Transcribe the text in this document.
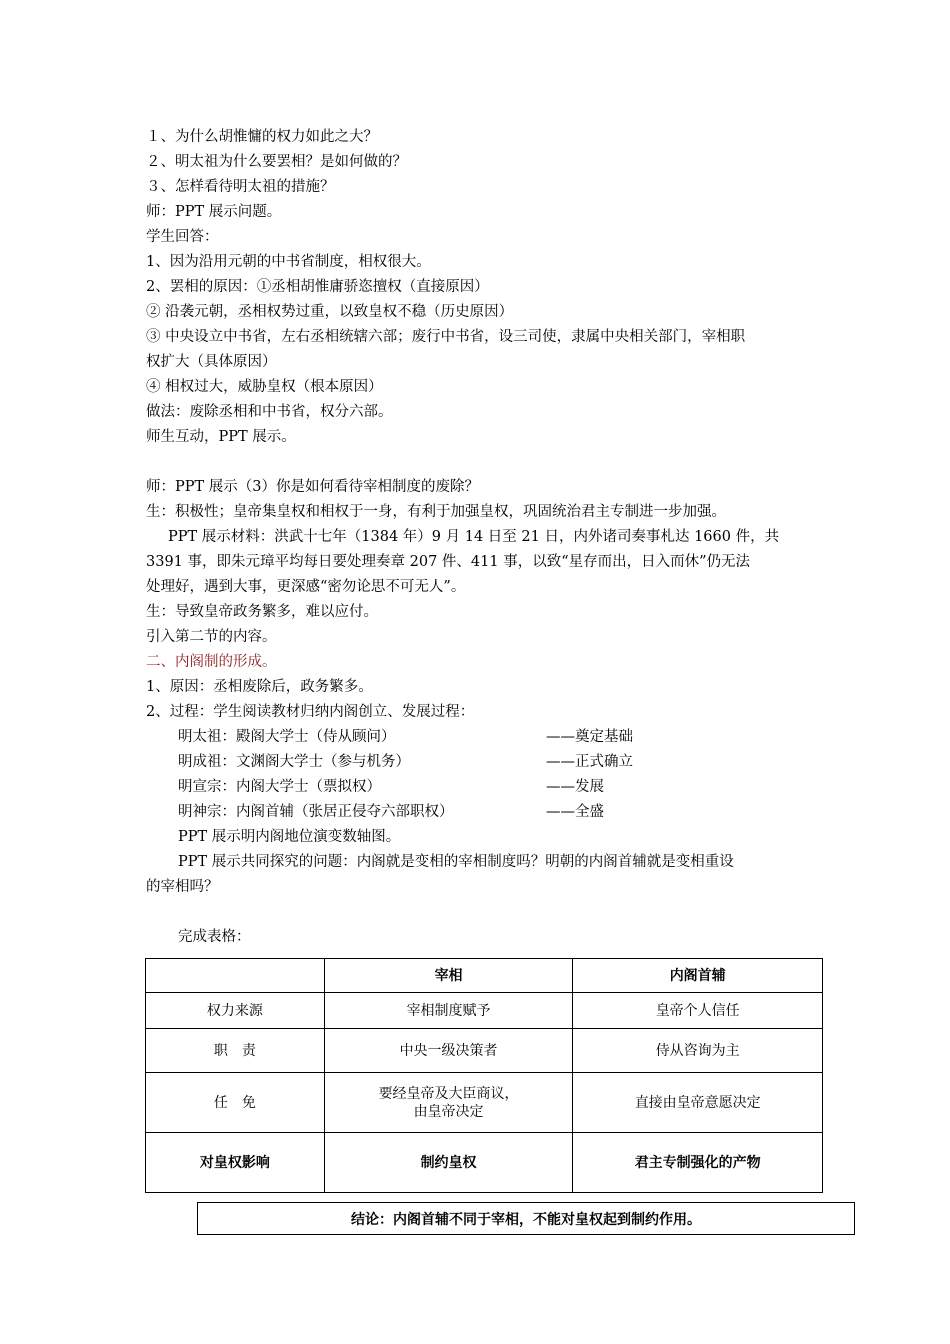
１、为什么胡惟慵的权力如此之大？
２、明太祖为什么要罢相？是如何做的？
３、怎样看待明太祖的措施？
师：PPT 展示问题。
学生回答：
1、因为沿用元朝的中书省制度，相权很大。
2、罢相的原因：①丞相胡惟庸骄恣擅权（直接原因）
② 沿袭元朝，丞相权势过重，以致皇权不稳（历史原因）
③ 中央设立中书省，左右丞相统辖六部；废行中书省，设三司使，隶属中央相关部门，宰相职
权扩大（具体原因）
④ 相权过大，威胁皇权（根本原因）
做法：废除丞相和中书省，权分六部。
师生互动，PPT 展示。
师：PPT 展示（3）你是如何看待宰相制度的废除？
生：积极性；皇帝集皇权和相权于一身，有利于加强皇权，巩固统治君主专制进一步加强。
PPT 展示材料：洪武十七年（1384 年）9 月 14 日至 21 日，内外诸司奏事札达 1660 件，共
3391 事，即朱元璋平均每日要处理奏章 207 件、411 事，以致“星存而出，日入而休”仍无法
处理好，遇到大事，更深感“密勿论思不可无人”。
生：导致皇帝政务繁多，难以应付。
引入第二节的内容。
二、内阁制的形成。
1、原因：丞相废除后，政务繁多。
2、过程：学生阅读教材归纳内阁创立、发展过程：
明太祖：殿阁大学士（侍从顾问）	——奠定基础
明成祖：文渊阁大学士（参与机务）	——正式确立
明宣宗：内阁大学士（票拟权）	——发展
明神宗：内阁首辅（张居正侵夺六部职权）	——全盛
PPT 展示明内阁地位演变数轴图。
PPT 展示共同探究的问题：内阁就是变相的宰相制度吗？明朝的内阁首辅就是变相重设
的宰相吗？
完成表格：
	宰相	内阁首辅
权力来源	宰相制度赋予	皇帝个人信任
职　责	中央一级决策者	侍从咨询为主
任　免	要经皇帝及大臣商议，
由皇帝决定	直接由皇帝意愿决定
对皇权影响	制约皇权	君主专制强化的产物
结论：内阁首辅不同于宰相，不能对皇权起到制约作用。
